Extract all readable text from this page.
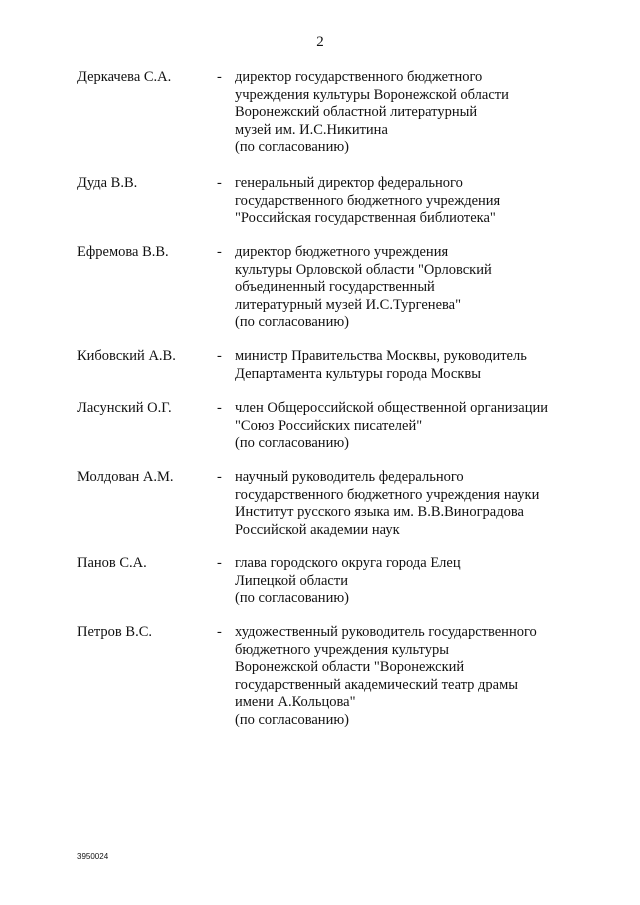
2
Деркачева С.А.	- директор государственного бюджетного
учреждения культуры Воронежской области
Воронежский областной литературный
музей им. И.С.Никитина
(по согласованию)
Дуда В.В.	- генеральный директор федерального
государственного бюджетного учреждения
"Российская государственная библиотека"
Ефремова В.В.	- директор бюджетного учреждения
культуры Орловской области "Орловский
объединенный государственный
литературный музей И.С.Тургенева"
(по согласованию)
Кибовский А.В.	- министр Правительства Москвы, руководитель
Департамента культуры города Москвы
Ласунский О.Г.	- член Общероссийской общественной организации
"Союз Российских писателей"
(по согласованию)
Молдован А.М.	- научный руководитель федерального
государственного бюджетного учреждения науки
Институт русского языка им. В.В.Виноградова
Российской академии наук
Панов С.А.	- глава городского округа города Елец
Липецкой области
(по согласованию)
Петров В.С.	- художественный руководитель государственного
бюджетного учреждения культуры
Воронежской области "Воронежский
государственный академический театр драмы
имени А.Кольцова"
(по согласованию)
3950024
